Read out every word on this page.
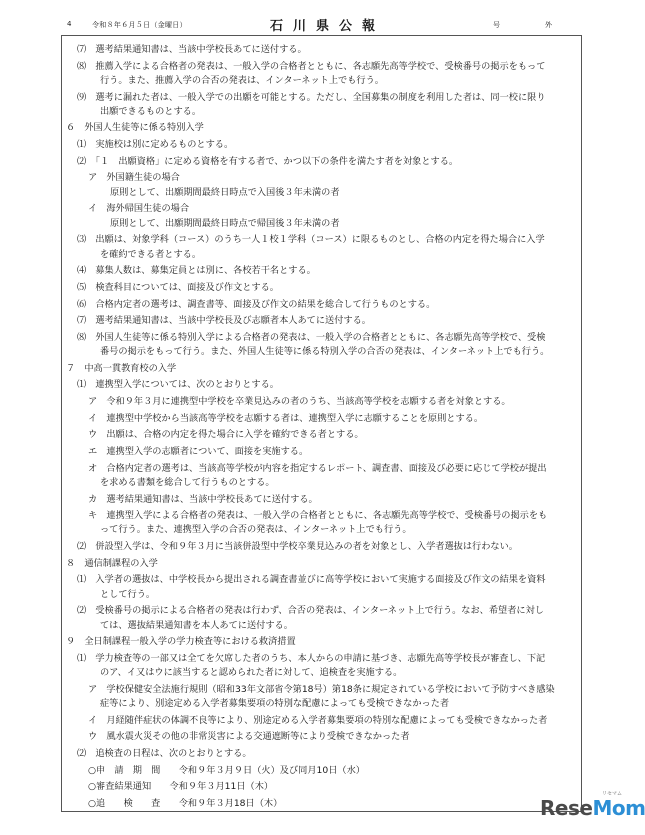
4	令和８年６月５日（金曜日）	石川県公報	号	外
⑺　選考結果通知書は、当該中学校長あてに送付する。
⑻　推薦入学による合格者の発表は、一般入学の合格者とともに、各志願先高等学校で、受検番号の掲示をもって
行う。また、推薦入学の合否の発表は、インターネット上でも行う。
⑼　選考に漏れた者は、一般入学での出願を可能とする。ただし、全国募集の制度を利用した者は、同一校に限り
出願できるものとする。
６　外国人生徒等に係る特別入学
⑴　実施校は別に定めるものとする。
⑵　「１　出願資格」に定める資格を有する者で、かつ以下の条件を満たす者を対象とする。
ア　外国籍生徒の場合
原則として、出願期間最終日時点で入国後３年未満の者
イ　海外帰国生徒の場合
原則として、出願期間最終日時点で帰国後３年未満の者
⑶　出願は、対象学科（コース）のうち一人１校１学科（コース）に限るものとし、合格の内定を得た場合に入学
を確約できる者とする。
⑷　募集人数は、募集定員とは別に、各校若干名とする。
⑸　検査科目については、面接及び作文とする。
⑹　合格内定者の選考は、調査書等、面接及び作文の結果を総合して行うものとする。
⑺　選考結果通知書は、当該中学校長及び志願者本人あてに送付する。
⑻　外国人生徒等に係る特別入学による合格者の発表は、一般入学の合格者とともに、各志願先高等学校で、受検
番号の掲示をもって行う。また、外国人生徒等に係る特別入学の合否の発表は、インターネット上でも行う。
７　中高一貫教育校の入学
⑴　連携型入学については、次のとおりとする。
ア　令和９年３月に連携型中学校を卒業見込みの者のうち、当該高等学校を志願する者を対象とする。
イ　連携型中学校から当該高等学校を志願する者は、連携型入学に志願することを原則とする。
ウ　出願は、合格の内定を得た場合に入学を確約できる者とする。
エ　連携型入学の志願者について、面接を実施する。
オ　合格内定者の選考は、当該高等学校が内容を指定するレポート、調査書、面接及び必要に応じて学校が提出
を求める書類を総合して行うものとする。
カ　選考結果通知書は、当該中学校長あてに送付する。
キ　連携型入学による合格者の発表は、一般入学の合格者とともに、各志願先高等学校で、受検番号の掲示をも
って行う。また、連携型入学の合否の発表は、インターネット上でも行う。
⑵　併設型入学は、令和９年３月に当該併設型中学校卒業見込みの者を対象とし、入学者選抜は行わない。
８　通信制課程の入学
⑴　入学者の選抜は、中学校長から提出される調査書並びに高等学校において実施する面接及び作文の結果を資料
として行う。
⑵　受検番号の掲示による合格者の発表は行わず、合否の発表は、インターネット上で行う。なお、希望者に対し
ては、選抜結果通知書を本人あてに送付する。
９　全日制課程一般入学の学力検査等における救済措置
⑴　学力検査等の一部又は全てを欠席した者のうち、本人からの申請に基づき、志願先高等学校長が審査し、下記
のア、イ又はウに該当すると認められた者に対して、追検査を実施する。
ア　学校保健安全法施行規則（昭和33年文部省令第18号）第18条に規定されている学校において予防すべき感染
症等により、別途定める入学者募集要項の特別な配慮によっても受検できなかった者
イ　月経随伴症状の体調不良等により、別途定める入学者募集要項の特別な配慮によっても受検できなかった者
ウ　風水震火災その他の非常災害による交通遮断等により受検できなかった者
⑵　追検査の日程は、次のとおりとする。
○申　請　期　間　　令和９年３月９日（火）及び同月10日（水）
○審査結果通知　　令和９年３月11日（木）
○追　　検　　査　　令和９年３月18日（木）	ReseMom
リセマム
